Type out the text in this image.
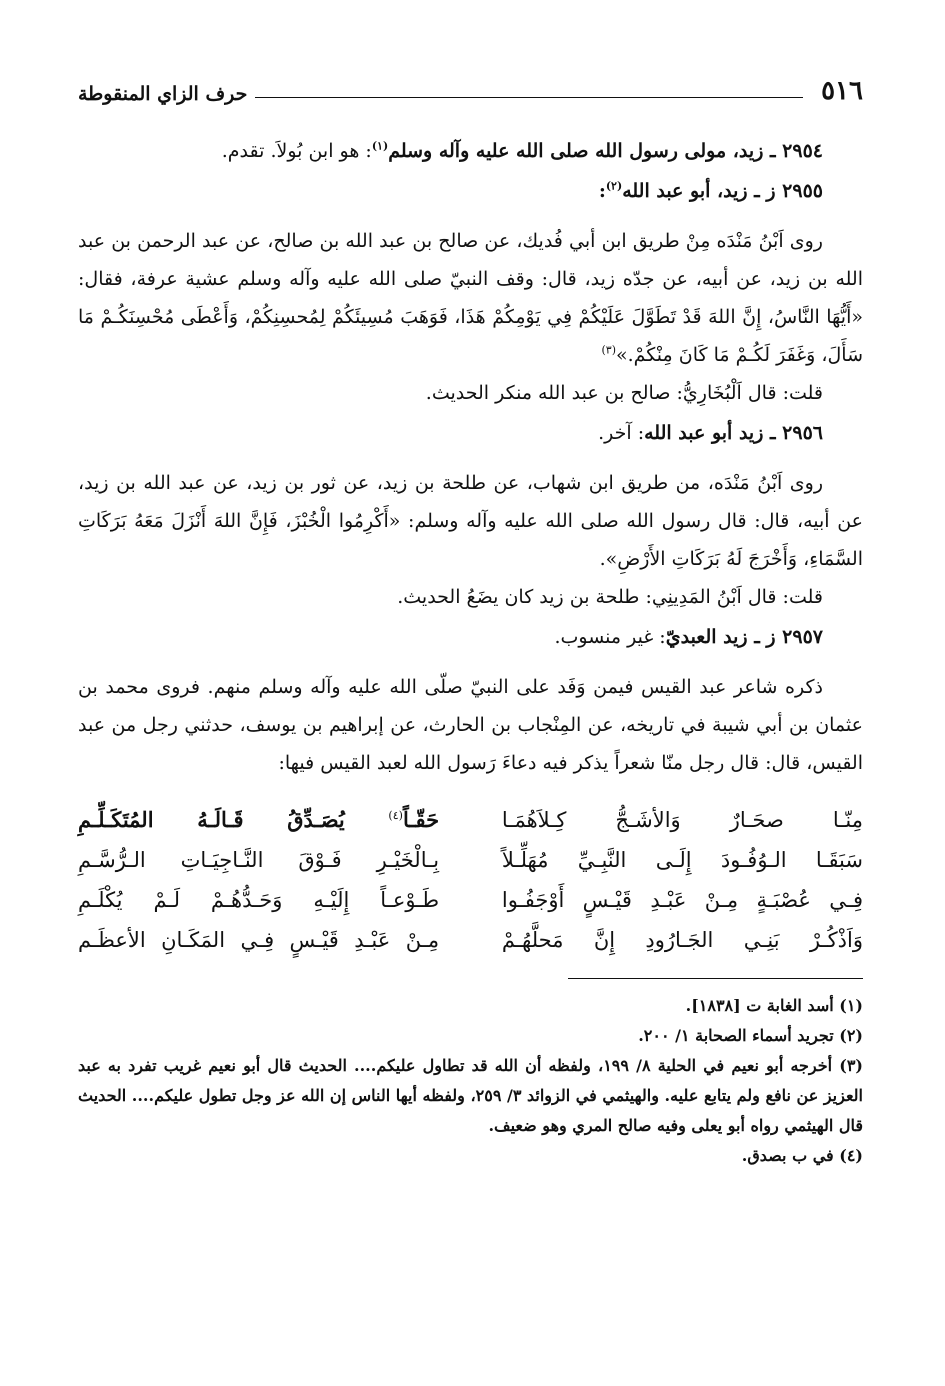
٥١٦
حرف الزاي المنقوطة

٢٩٥٤ ـ زيد، مولى رسول الله صلى الله عليه وآله وسلم$^{(١)}$: هو ابن بُولاَ. تقدم.

٢٩٥٥ ز ـ زيد، أبو عبد الله$^{(٢)}$:

روى اَبْنُ مَنْدَه مِنْ طريق ابن أبي فُديك، عن صالح بن عبد الله بن صالح، عن عبد الرحمن بن عبد الله بن زيد، عن أبيه، عن جدّه زيد، قال: وقف النبيّ صلى الله عليه وآله وسلم عشية عرفة، فقال: «أَيُّهَا النَّاسُ، إِنَّ اللهَ قَدْ تَطَوَّلَ عَلَيْكُمْ فِي يَوْمِكُمْ هَذَا، فَوَهَبَ مُسِيئَكُمْ لِمُحسِنِكُمْ، وَأَعْطَى مُحْسِنَكُـمْ مَا سَأَلَ، وَغَفَرَ لَكُـمْ مَا كَانَ مِنْكُمْ.»$^{(٣)}$

قلت: قال اَلْبُخَارِيُّ: صالح بن عبد الله منكر الحديث.

٢٩٥٦ ـ زيد أبو عبد الله: آخر.

روى اَبْنُ مَنْدَه، من طريق ابن شهاب، عن طلحة بن زيد، عن ثور بن زيد، عن عبد الله بن زيد، عن أبيه، قال: قال رسول الله صلى الله عليه وآله وسلم: «أَكْرِمُوا الْخُبْزَ، فَإِنَّ اللهَ أَنْزَلَ مَعَهُ بَرَكَاتِ السَّمَاءِ، وَأَخْرَجَ لَهُ بَرَكَاتِ الأَرْضِ».

قلت: قال اَبْنُ المَدِينِي: طلحة بن زيد كان يضَعُ الحديث.

٢٩٥٧ ز ـ زيد العبديّ: غير منسوب.

ذكره شاعر عبد القيس فيمن وَفَد على النبيّ صلّى الله عليه وآله وسلم منهم. فروى محمد بن عثمان بن أبي شيبة في تاريخه، عن المِنْجاب بن الحارث، عن إبراهيم بن يوسف، حدثني رجل من عبد القيس، قال: قال رجل منّا شعراً يذكر فيه دعاءَ رَسول الله لعبد القيس فيها:

مِنّـا صحَـارٌ وَالأشَـجُّ كِـلاَهُمَـا
حَقّـاً$^{(٤)}$ يُصَـدِّقُ قَـالَـهُ المُتَكَـلِّـمِ
سَبَقَـا الـوُفُـودَ إِلَـى النَّبِـيِّ مُهَلِّـلاً
بِـالْخَيْـرِ فَـوْقَ النَّـاجِيَـاتِ الـرُّسَّـمِ
فِـي عُصْبَـةٍ مِـنْ عَبْـدِ قَيْـسٍ أَوْجَفُـوا
طَـوْعـاً إِلَيْـهِ وَحَـدُّهُـمْ لَـمْ يُكْلَـمِ
وَاَذْكُـرْ بَنِـي الجَـارُودِ إِنَّ مَحلَّهُـمْ
مِـنْ عَبْـدِ قَيْـسٍ فِـي المَكَـانِ الأعظَـم

(١) أسد الغابة ت [١٨٣٨].

(٢) تجريد أسماء الصحابة ١/ ٢٠٠.

(٣) أخرجه أبو نعيم في الحلية ٨/ ١٩٩، ولفظه أن الله قد تطاول عليكم.... الحديث قال أبو نعيم غريب تفرد به عبد العزيز عن نافع ولم يتابع عليه. والهيثمي في الزوائد ٣/ ٢٥٩، ولفظه أيها الناس إن الله عز وجل تطول عليكم.... الحديث قال الهيثمي رواه أبو يعلى وفيه صالح المري وهو ضعيف.

(٤) في ب بصدق.
